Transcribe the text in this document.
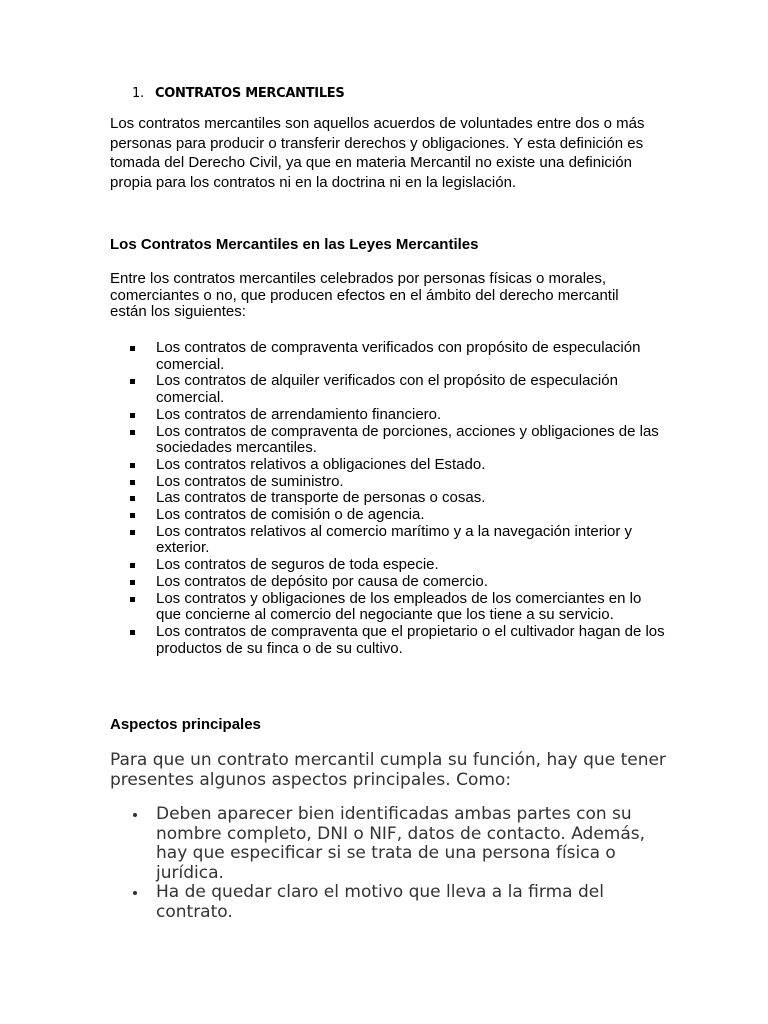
1. CONTRATOS MERCANTILES
Los contratos mercantiles son aquellos acuerdos de voluntades entre dos o más personas para producir o transferir derechos y obligaciones. Y esta definición es tomada del Derecho Civil, ya que en materia Mercantil no existe una definición propia para los contratos ni en la doctrina ni en la legislación.
Los Contratos Mercantiles en las Leyes Mercantiles
Entre los contratos mercantiles celebrados por personas físicas o morales, comerciantes o no, que producen efectos en el ámbito del derecho mercantil están los siguientes:
Los contratos de compraventa verificados con propósito de especulación comercial.
Los contratos de alquiler verificados con el propósito de especulación comercial.
Los contratos de arrendamiento financiero.
Los contratos de compraventa de porciones, acciones y obligaciones de las sociedades mercantiles.
Los contratos relativos a obligaciones del Estado.
Los contratos de suministro.
Las contratos de transporte de personas o cosas.
Los contratos de comisión o de agencia.
Los contratos relativos al comercio marítimo y a la navegación interior y exterior.
Los contratos de seguros de toda especie.
Los contratos de depósito por causa de comercio.
Los contratos y obligaciones de los empleados de los comerciantes en lo que concierne al comercio del negociante que los tiene a su servicio.
Los contratos de compraventa que el propietario o el cultivador hagan de los productos de su finca o de su cultivo.
Aspectos principales
Para que un contrato mercantil cumpla su función, hay que tener presentes algunos aspectos principales. Como:
Deben aparecer bien identificadas ambas partes con su nombre completo, DNI o NIF, datos de contacto. Además, hay que especificar si se trata de una persona física o jurídica.
Ha de quedar claro el motivo que lleva a la firma del contrato.
